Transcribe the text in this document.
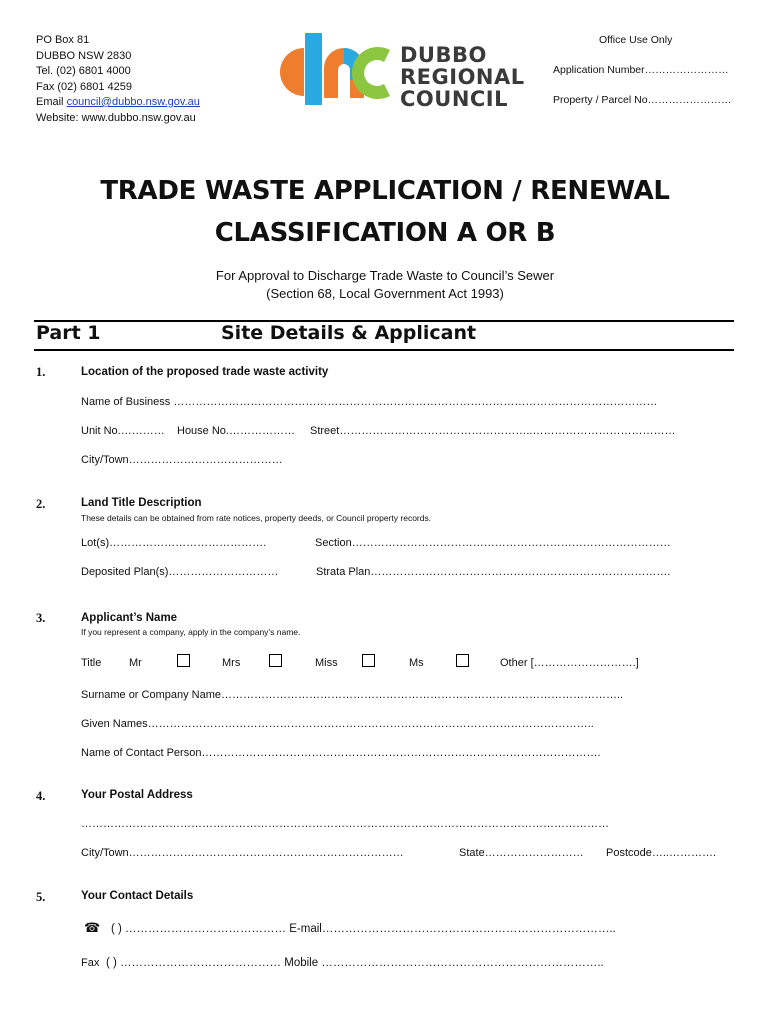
PO Box 81
DUBBO NSW 2830
Tel. (02) 6801 4000
Fax (02) 6801 4259
Email council@dubbo.nsw.gov.au
Website: www.dubbo.nsw.gov.au
DUBBO
REGIONAL
COUNCIL
Office Use Only
Application Number……………………
Property / Parcel No……………………
TRADE WASTE APPLICATION / RENEWAL
CLASSIFICATION A OR B
For Approval to Discharge Trade Waste to Council’s Sewer
(Section 68, Local Government Act 1993)
Part 1	Site Details & Applicant
1.	Location of the proposed trade waste activity
Name of Business ……………………………………………………………………………………………………………………
Unit No.………… House No.……………… Street……………………………………………..…………………………………
City/Town……………………………………
2.	Land Title Description
These details can be obtained from rate notices, property deeds, or Council property records.
Lot(s)…………………………………….	Section……………………………………………………………………………
Deposited Plan(s)…………………………	Strata Plan……………………………………………………………………….
3.	Applicant’s Name
If you represent a company, apply in the company’s name.
Title	Mr	Mrs	Miss	Ms	Other [……………………….]
Surname or Company Name………………………………………………………………………………………………..
Given Names…………………………………………………………………………………………………………..
Name of Contact Person……………………………………………………………………………………………….
4.	Your Postal Address
………………………………………………………………………………………………………………………………
City/Town…………………………………………………………………	State……………………… Postcode…..………….
5.	Your Contact Details
☎ ( ) …………………………………… E-mail…………………………………………………………………..
Fax ( ) …………………………………… Mobile ………………………………………………………………..
